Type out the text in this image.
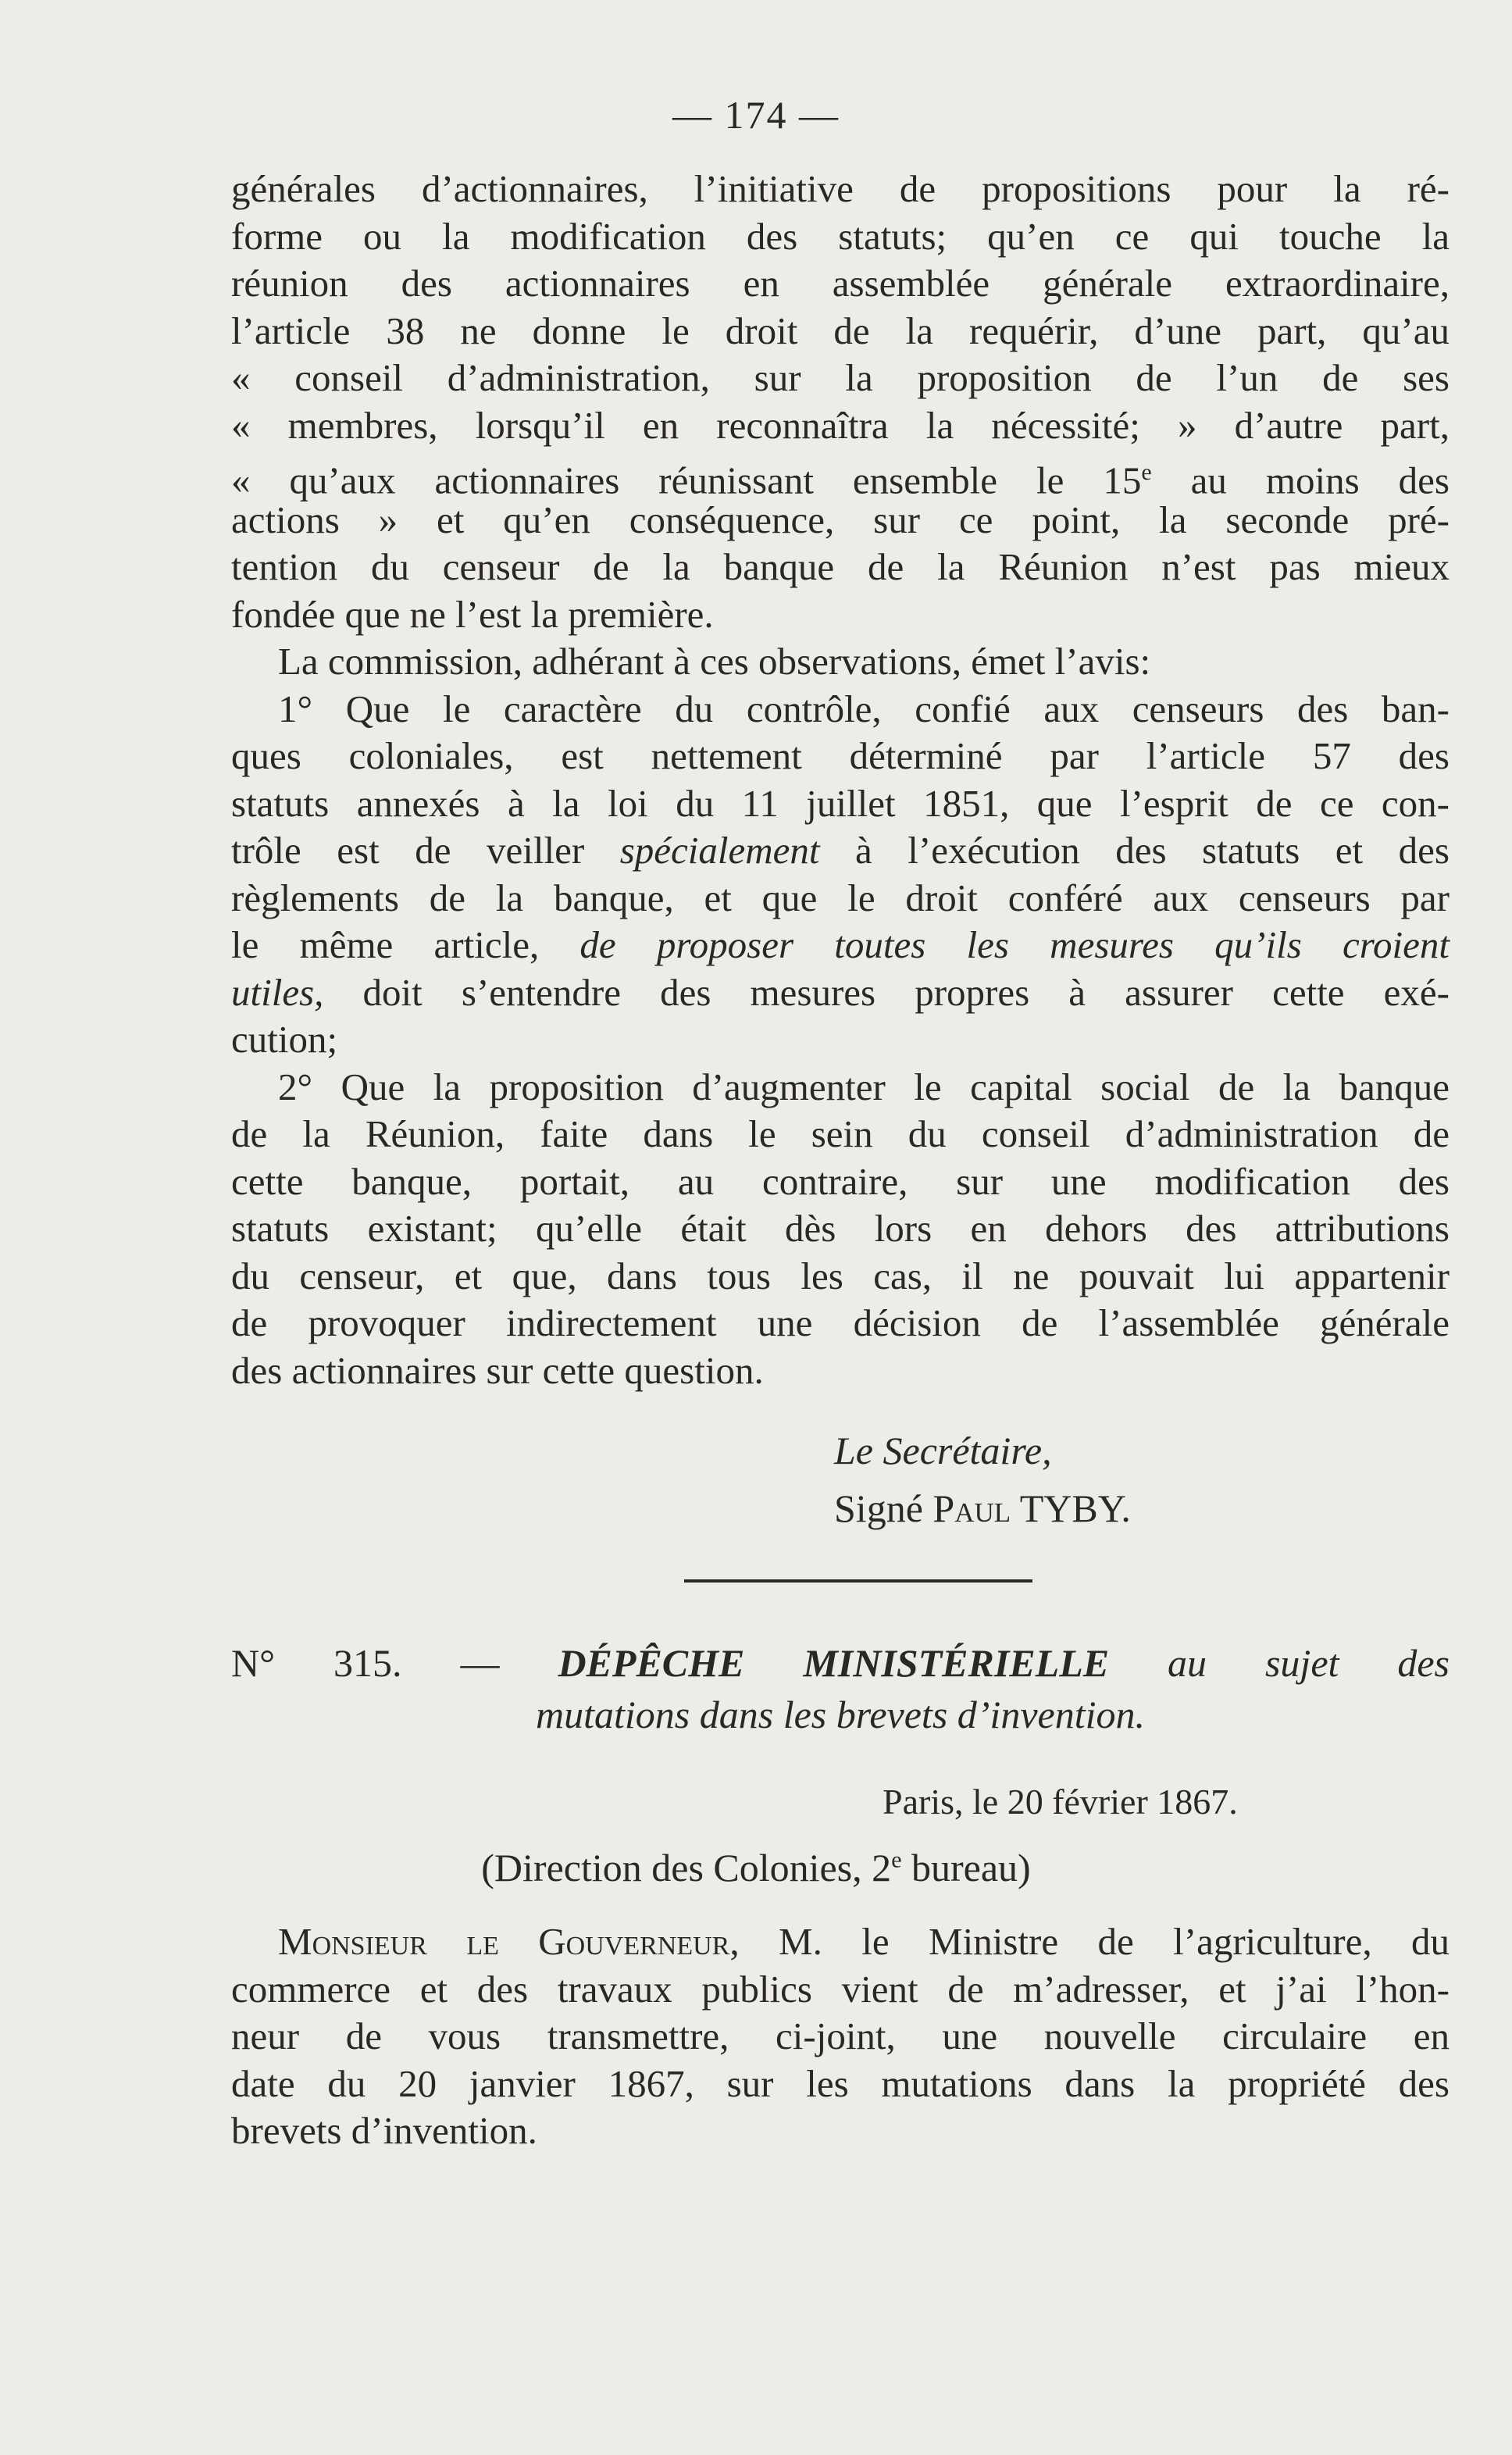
— 174 —
générales d’actionnaires, l’initiative de propositions pour la ré-
forme ou la modification des statuts; qu’en ce qui touche la
réunion des actionnaires en assemblée générale extraordinaire,
l’article 38 ne donne le droit de la requérir, d’une part, qu’au
« conseil d’administration, sur la proposition de l’un de ses
« membres, lorsqu’il en reconnaîtra la nécessité; » d’autre part,
« qu’aux actionnaires réunissant ensemble le 15e au moins des
actions » et qu’en conséquence, sur ce point, la seconde pré-
tention du censeur de la banque de la Réunion n’est pas mieux
fondée que ne l’est la première.
La commission, adhérant à ces observations, émet l’avis:
1° Que le caractère du contrôle, confié aux censeurs des ban-
ques coloniales, est nettement déterminé par l’article 57 des
statuts annexés à la loi du 11 juillet 1851, que l’esprit de ce con-
trôle est de veiller spécialement à l’exécution des statuts et des
règlements de la banque, et que le droit conféré aux censeurs par
le même article, de proposer toutes les mesures qu’ils croient
utiles, doit s’entendre des mesures propres à assurer cette exé-
cution;
2° Que la proposition d’augmenter le capital social de la banque
de la Réunion, faite dans le sein du conseil d’administration de
cette banque, portait, au contraire, sur une modification des
statuts existant; qu’elle était dès lors en dehors des attributions
du censeur, et que, dans tous les cas, il ne pouvait lui appartenir
de provoquer indirectement une décision de l’assemblée générale
des actionnaires sur cette question.
Le Secrétaire,
Signé Paul TYBY.
N° 315. — DÉPÊCHE MINISTÉRIELLE au sujet des
mutations dans les brevets d’invention.
Paris, le 20 février 1867.
(Direction des Colonies, 2e bureau)
Monsieur le Gouverneur, M. le Ministre de l’agriculture, du
commerce et des travaux publics vient de m’adresser, et j’ai l’hon-
neur de vous transmettre, ci-joint, une nouvelle circulaire en
date du 20 janvier 1867, sur les mutations dans la propriété des
brevets d’invention.
